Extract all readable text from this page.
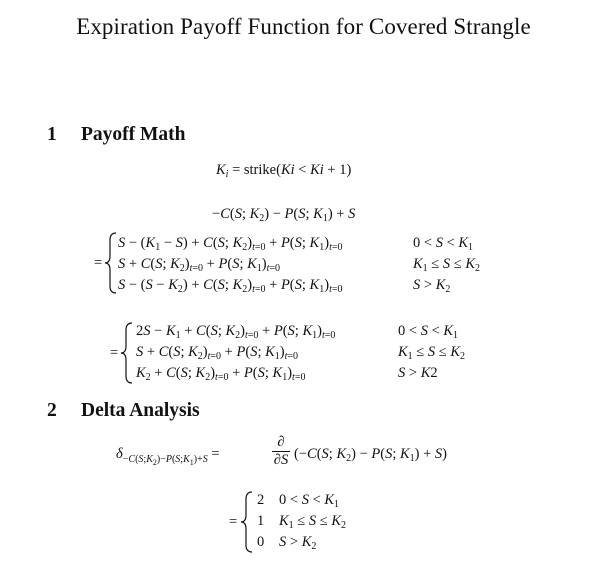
Expiration Payoff Function for Covered Strangle
1 Payoff Math
$K_i$ = strike(Ki < Ki + 1)
−C(S; $K_2) - P(S$; $K_1) + S$
=
$S - (K_1 - S) + C(S$; $K_2)_{t=0} + P(S$; $K_1)_{t=0}$	$0 < S < K_1$
S + C(S; $K_2)_{t=0} + P(S$; $K_1)_{t=0}$	$K_1 \le S \le K_2$
$S - (S - K_2) + C(S$; $K_2)_{t=0} + P(S$; $K_1)_{t=0}$	$S > K_2$
=
$2S - K_1 + C(S$; $K_2)_{t=0} + P(S$; $K_1)_{t=0}$	$0 < S < K_1$
S + C(S; $K_2)_{t=0} + P(S$; $K_1)_{t=0}$	$K_1 \le S \le K_2$
$K_2 + C(S$; $K_2)_{t=0} + P(S$; $K_1)_{t=0}$	S > K2
2 Delta Analysis
$\delta_{-C(S;K_2)-P(S;K_1)+S}$ =
∂
∂S (−C(S; $K_2) - P(S$; $K_1) + S$)
=
2 $0 < S < K_1$
1 $K_1 \le S \le K_2$
0 $S > K_2$
